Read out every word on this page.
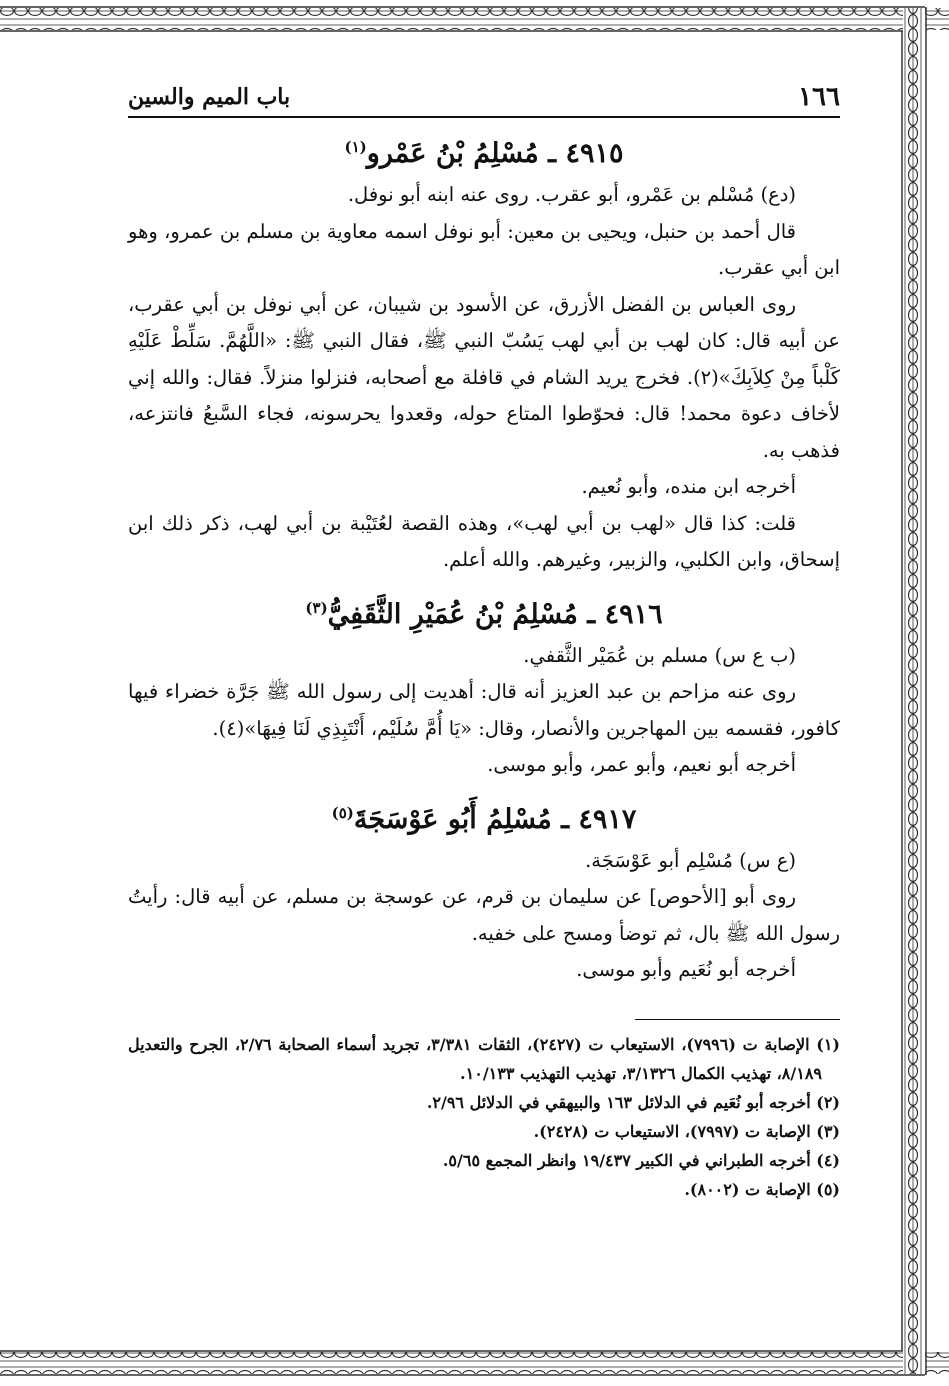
١٦٦
باب الميم والسين
٤٩١٥ ـ مُسْلِمُ بْنُ عَمْرو$^{(١)}$

(دع) مُسْلم بن عَمْرو، أبو عقرب. روى عنه ابنه أبو نوفل.

قال أحمد بن حنبل، ويحيى بن معين: أبو نوفل اسمه معاوية بن مسلم بن عمرو، وهو ابن أبي عقرب.

روى العباس بن الفضل الأزرق، عن الأسود بن شيبان، عن أبي نوفل بن أبي عقرب، عن أبيه قال: كان لهب بن أبي لهب يَسُبّ النبي ﷺ، فقال النبي ﷺ: «اللَّهُمَّ. سَلِّطْ عَلَيْهِ كَلْباً مِنْ كِلاَبِكَ»(٢). فخرج يريد الشام في قافلة مع أصحابه، فنزلوا منزلاً. فقال: والله إني لأخاف دعوة محمد! قال: فحوّطوا المتاع حوله، وقعدوا يحرسونه، فجاء السَّبعُ فانتزعه، فذهب به.

أخرجه ابن منده، وأبو نُعيم.

قلت: كذا قال «لهب بن أبي لهب»، وهذه القصة لعُتَيْبة بن أبي لهب، ذكر ذلك ابن إسحاق، وابن الكلبي، والزبير، وغيرهم. والله أعلم.

٤٩١٦ ـ مُسْلِمُ بْنُ عُمَيْرِ الثَّقَفِيُّ$^{(٣)}$

(ب ع س) مسلم بن عُمَيْر الثَّقفي.

روى عنه مزاحم بن عبد العزيز أنه قال: أهديت إلى رسول الله ﷺ جَرَّة خضراء فيها كافور، فقسمه بين المهاجرين والأنصار، وقال: «يَا أُمَّ سُلَيْم، أَنْتَبِذِي لَنَا فِيهَا»(٤).

أخرجه أبو نعيم، وأبو عمر، وأبو موسى.

٤٩١٧ ـ مُسْلِمُ أَبُو عَوْسَجَةَ$^{(٥)}$

(ع س) مُسْلِم أبو عَوْسَجَة.

روى أبو [الأحوص] عن سليمان بن قرم، عن عوسجة بن مسلم، عن أبيه قال: رأيتُ رسول الله ﷺ بال، ثم توضأ ومسح على خفيه.

أخرجه أبو نُعَيم وأبو موسى.

(١) الإصابة ت (٧٩٩٦)، الاستيعاب ت (٢٤٢٧)، الثقات ٣/٣٨١، تجريد أسماء الصحابة ٢/٧٦، الجرح والتعديل ٨/١٨٩، تهذيب الكمال ٣/١٣٢٦، تهذيب التهذيب ١٠/١٣٣.

(٢) أخرجه أبو نُعَيم في الدلائل ١٦٣ والبيهقي في الدلائل ٢/٩٦.

(٣) الإصابة ت (٧٩٩٧)، الاستيعاب ت (٢٤٢٨).

(٤) أخرجه الطبراني في الكبير ١٩/٤٣٧ وانظر المجمع ٥/٦٥.

(٥) الإصابة ت (٨٠٠٢).
